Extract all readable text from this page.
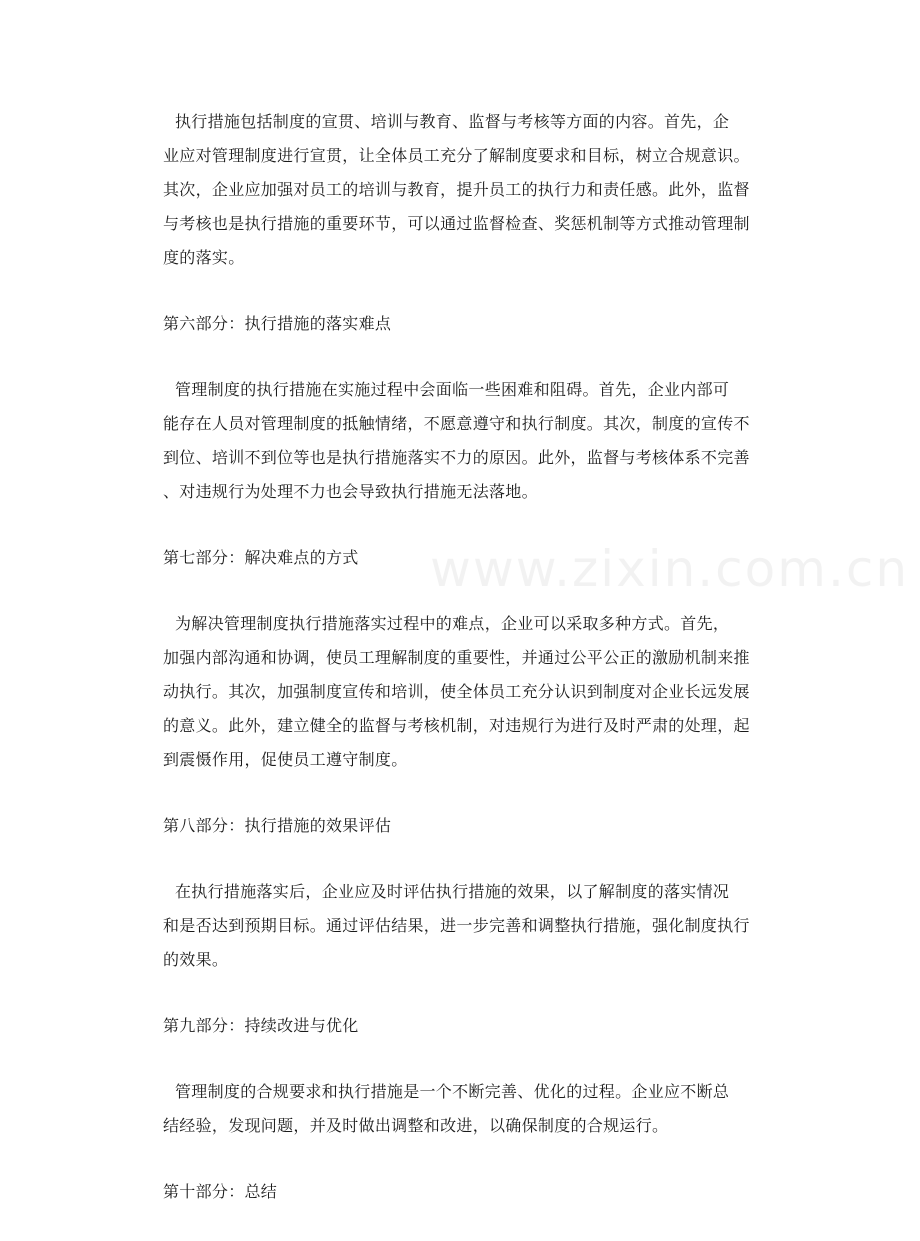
www.zixin.com.cn
执行措施包括制度的宣贯、培训与教育、监督与考核等方面的内容。首先，企
业应对管理制度进行宣贯，让全体员工充分了解制度要求和目标，树立合规意识。
其次，企业应加强对员工的培训与教育，提升员工的执行力和责任感。此外，监督
与考核也是执行措施的重要环节，可以通过监督检查、奖惩机制等方式推动管理制
度的落实。
第六部分：执行措施的落实难点
管理制度的执行措施在实施过程中会面临一些困难和阻碍。首先，企业内部可
能存在人员对管理制度的抵触情绪，不愿意遵守和执行制度。其次，制度的宣传不
到位、培训不到位等也是执行措施落实不力的原因。此外，监督与考核体系不完善
、对违规行为处理不力也会导致执行措施无法落地。
第七部分：解决难点的方式
为解决管理制度执行措施落实过程中的难点，企业可以采取多种方式。首先，
加强内部沟通和协调，使员工理解制度的重要性，并通过公平公正的激励机制来推
动执行。其次，加强制度宣传和培训，使全体员工充分认识到制度对企业长远发展
的意义。此外，建立健全的监督与考核机制，对违规行为进行及时严肃的处理，起
到震慑作用，促使员工遵守制度。
第八部分：执行措施的效果评估
在执行措施落实后，企业应及时评估执行措施的效果，以了解制度的落实情况
和是否达到预期目标。通过评估结果，进一步完善和调整执行措施，强化制度执行
的效果。
第九部分：持续改进与优化
管理制度的合规要求和执行措施是一个不断完善、优化的过程。企业应不断总
结经验，发现问题，并及时做出调整和改进，以确保制度的合规运行。
第十部分：总结
